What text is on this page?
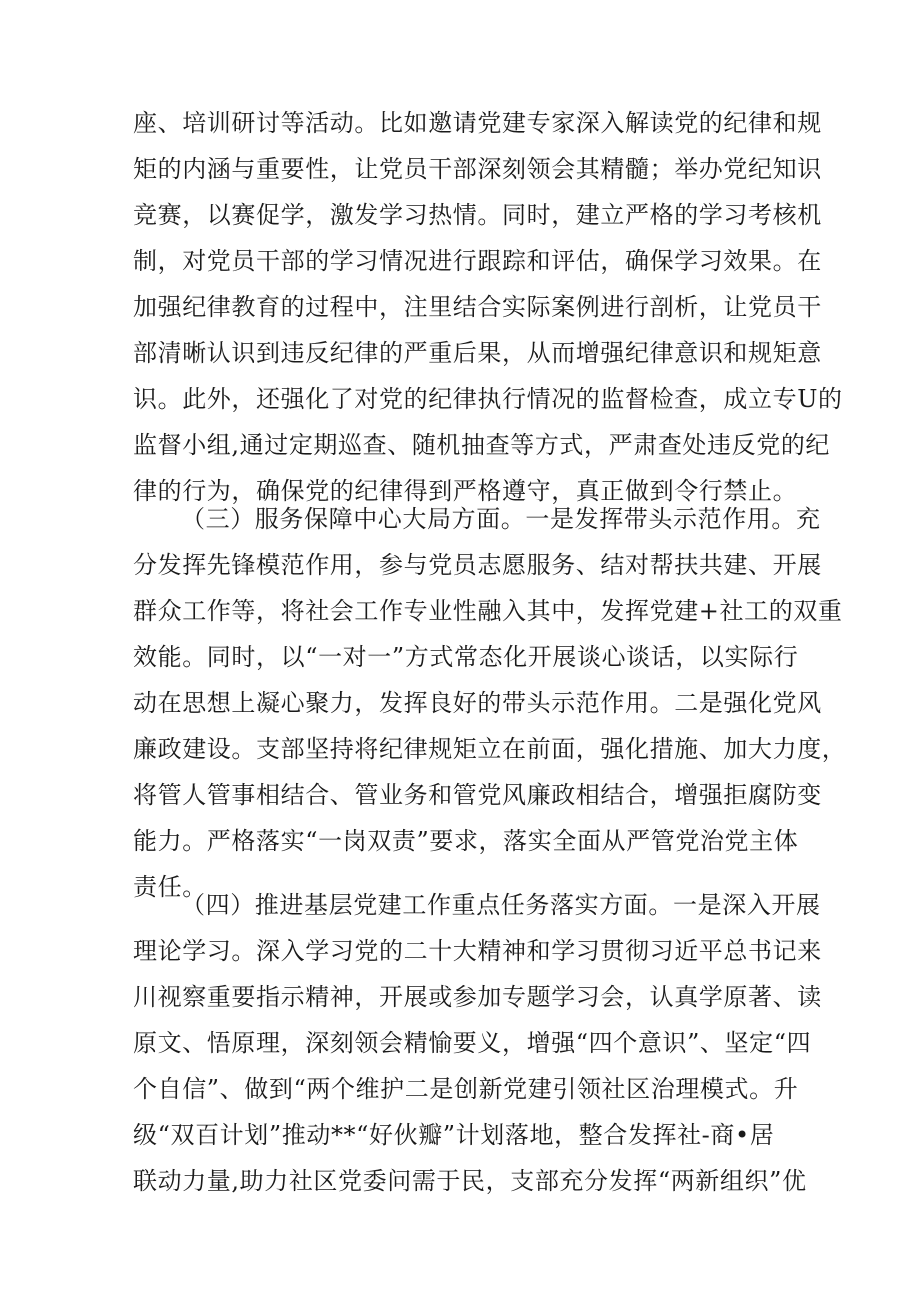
座、培训研讨等活动。比如邀请党建专家深入解读党的纪律和规
矩的内涵与重要性，让党员干部深刻领会其精髓；举办党纪知识
竞赛，以赛促学，激发学习热情。同时，建立严格的学习考核机
制，对党员干部的学习情况进行跟踪和评估，确保学习效果。在
加强纪律教育的过程中，注里结合实际案例进行剖析，让党员干
部清晰认识到违反纪律的严重后果，从而增强纪律意识和规矩意
识。此外，还强化了对党的纪律执行情况的监督检查，成立专U的
监督小组,通过定期巡查、随机抽查等方式，严肃查处违反党的纪
律的行为，确保党的纪律得到严格遵守，真正做到令行禁止。
（三）服务保障中心大局方面。一是发挥带头示范作用。充
分发挥先锋模范作用，参与党员志愿服务、结对帮扶共建、开展
群众工作等，将社会工作专业性融入其中，发挥党建+社工的双重
效能。同时，以“一对一”方式常态化开展谈心谈话，以实际行
动在思想上凝心聚力，发挥良好的带头示范作用。二是强化党风
廉政建设。支部坚持将纪律规矩立在前面，强化措施、加大力度，
将管人管事相结合、管业务和管党风廉政相结合，增强拒腐防变
能力。严格落实“一岗双责”要求，落实全面从严管党治党主体
责任。
（四）推进基层党建工作重点任务落实方面。一是深入开展
理论学习。深入学习党的二十大精神和学习贯彻习近平总书记来
川视察重要指示精神，开展或参加专题学习会，认真学原著、读
原文、悟原理，深刻领会精愉要义，增强“四个意识”、坚定“四
个自信”、做到“两个维护二是创新党建引领社区治理模式。升
级“双百计划”推动**“好伙瓣”计划落地，整合发挥社-商•居
联动力量,助力社区党委问需于民，支部充分发挥“两新组织”优
